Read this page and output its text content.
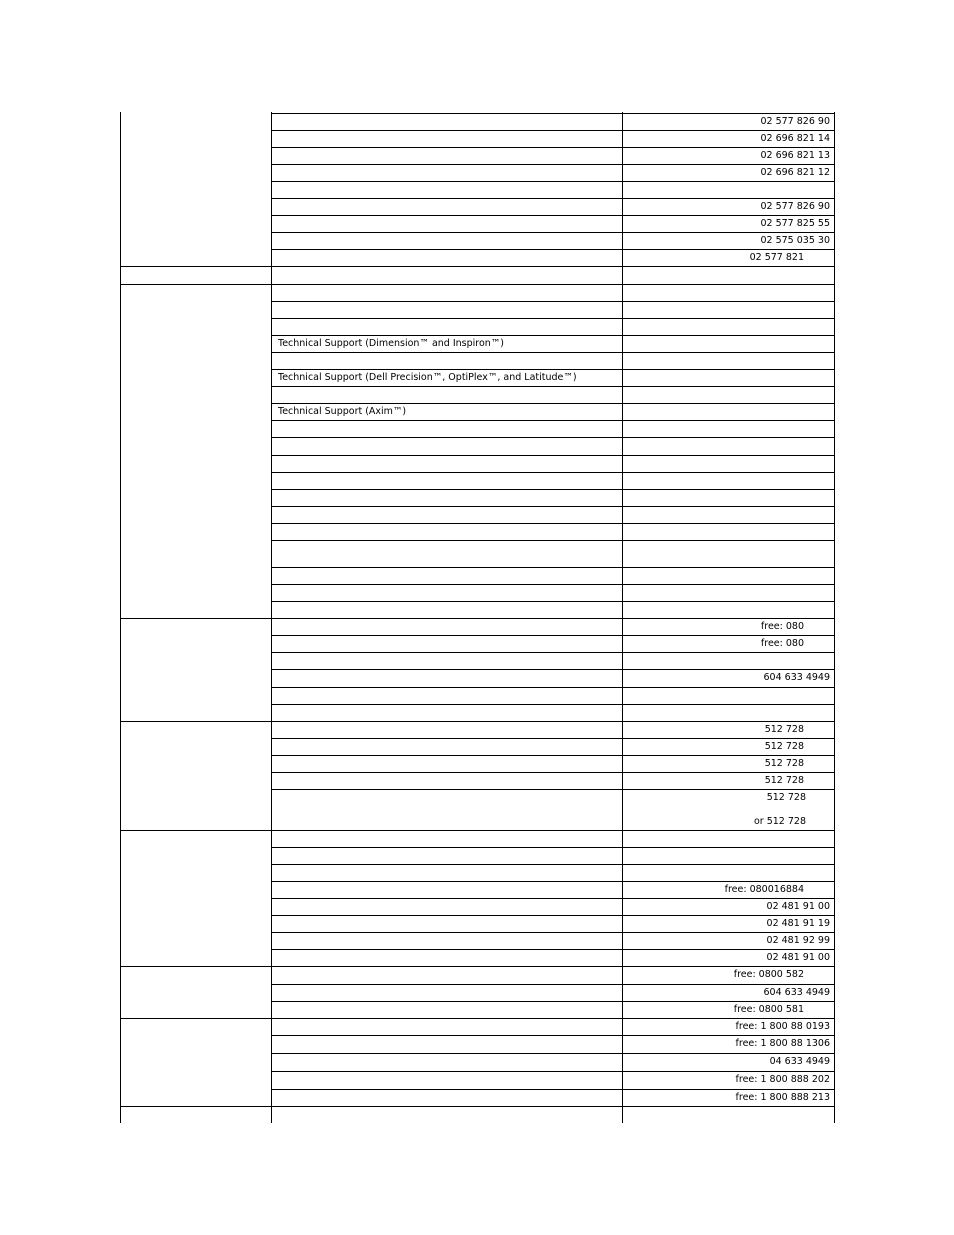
02 577 826 90
02 696 821 14
02 696 821 13
02 696 821 12
02 577 826 90
02 577 825 55
02 575 035 30
02 577 821
Technical Support (Dimension™ and Inspiron™)
Technical Support (Dell Precision™, OptiPlex™, and Latitude™)
Technical Support (Axim™)
free: 080
free: 080
604 633 4949
512 728
512 728
512 728
512 728
512 728
or 512 728
free: 080016884
02 481 91 00
02 481 91 19
02 481 92 99
02 481 91 00
free: 0800 582
604 633 4949
free: 0800 581
free: 1 800 88 0193
free: 1 800 88 1306
04 633 4949
free: 1 800 888 202
free: 1 800 888 213
